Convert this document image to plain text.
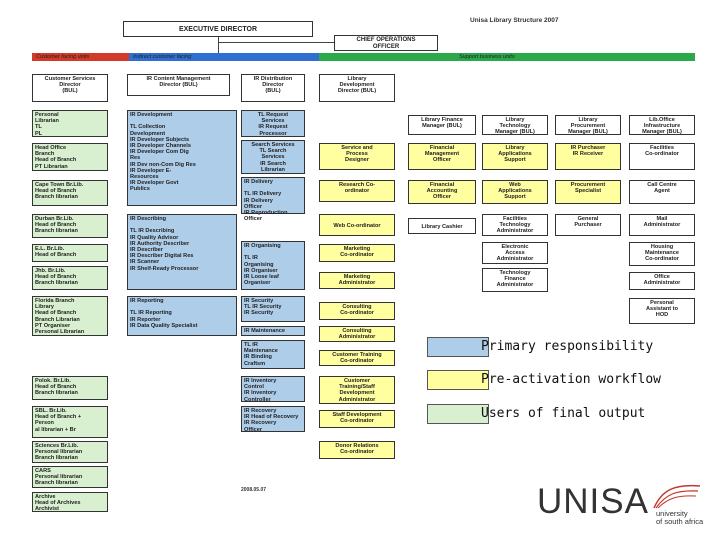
EXECUTIVE DIRECTOR
Unisa Library Structure 2007
CHIEF OPERATIONS
OFFICER
Customer facing units	Indirect customer facing	Support business units
Customer Services
Director
(BUL)
IR Content Management
Director (BUL)
IR Distribution
Director
(BUL)
Library
Development
Director (BUL)
Personal
Librarian
TL
PL
Head Office
Branch
Head of Branch
PT Librarian
Cape Town Br.Lib.
Head of Branch
Branch librarian
Durban Br.Lib.
Head of Branch
Branch librarian
E.L. Br.Lib.
Head of Branch
Jhb. Br.Lib.
Head of Branch
Branch librarian
Florida Branch
Library
Head of Branch
Branch Librarian
PT Organiser
Personal Librarian
Polok. Br.Lib.
Head of Branch
Branch librarian
SBL. Br.Lib.
Head of Branch +
Person
al librarian + Br
Sciences Br.Lib.
Personal librarian
Branch librarian
CARS
Personal librarian
Branch librarian
Archive
Head of Archives
Archivist
IR Development

TL Collection
Development
IR Developer Subjects
IR Developer Channels
IR Developer Com Dig
Res
IR Dev non-Com Dig Res
IR Developer E-
Resources
IR Developer Govt
Publics
IR Describing

TL IR Describing
IR Quality Advisor
IR Authority Describer
IR Describer
IR Describer Digital Res
IR Scanner
IR Shelf-Ready Processor
IR Reporting

TL IR Reporting
IR Reporter
IR Data Quality Specialist
TL Request
Services
IR Request
Processor
Search Services
TL Search
Services
IR Search
Librarian
IR Delivery

TL IR Delivery
IR Delivery
Officer
IR Reproduction
Officer
IR Organising

TL IR
Organising
IR Organiser
IR Loose leaf
Organiser
IR Security
TL IR Security
IR Security
IR Maintenance
TL IR
Maintenance
IR Binding
Craftsm
IR Inventory
Control
IR Inventory
Controller
IR Recovery
IR Head of Recovery
IR Recovery
Officer
2008.05.07
Service and
Process
Designer
Research Co-
ordinator
Web Co-ordinator
Marketing
Co-ordinator
Marketing
Administrator
Consulting
Co-ordinator
Consulting
Administrator
Customer Training
Co-ordinator
Customer
Training/Staff
Development
Administrator
Staff Development
Co-ordinator
Donor Relations
Co-ordinator
Library Finance
Manager (BUL)
Financial
Management
Officer
Financial
Accounting
Officer
Library Cashier
Library
Technology
Manager (BUL)
Library
Applications
Support
Web
Applications
Support
Facilities
Technology
Administrator
Electronic
Access
Administrator
Technology
Finance
Administrator
Library
Procurement
Manager (BUL)
IR Purchaser
IR Receiver
Procurement
Specialist
General
Purchaser
Lib.Office
Infrastructure
Manager (BUL)
Facilities
Co-ordinator
Call Centre
Agent
Mail
Administrator
Housing
Maintenance
Co-ordinator
Office
Administrator
Personal
Assistant to
HOD
Primary responsibility
Pre-activation workflow
Users of final output
UNISA university
of south africa
